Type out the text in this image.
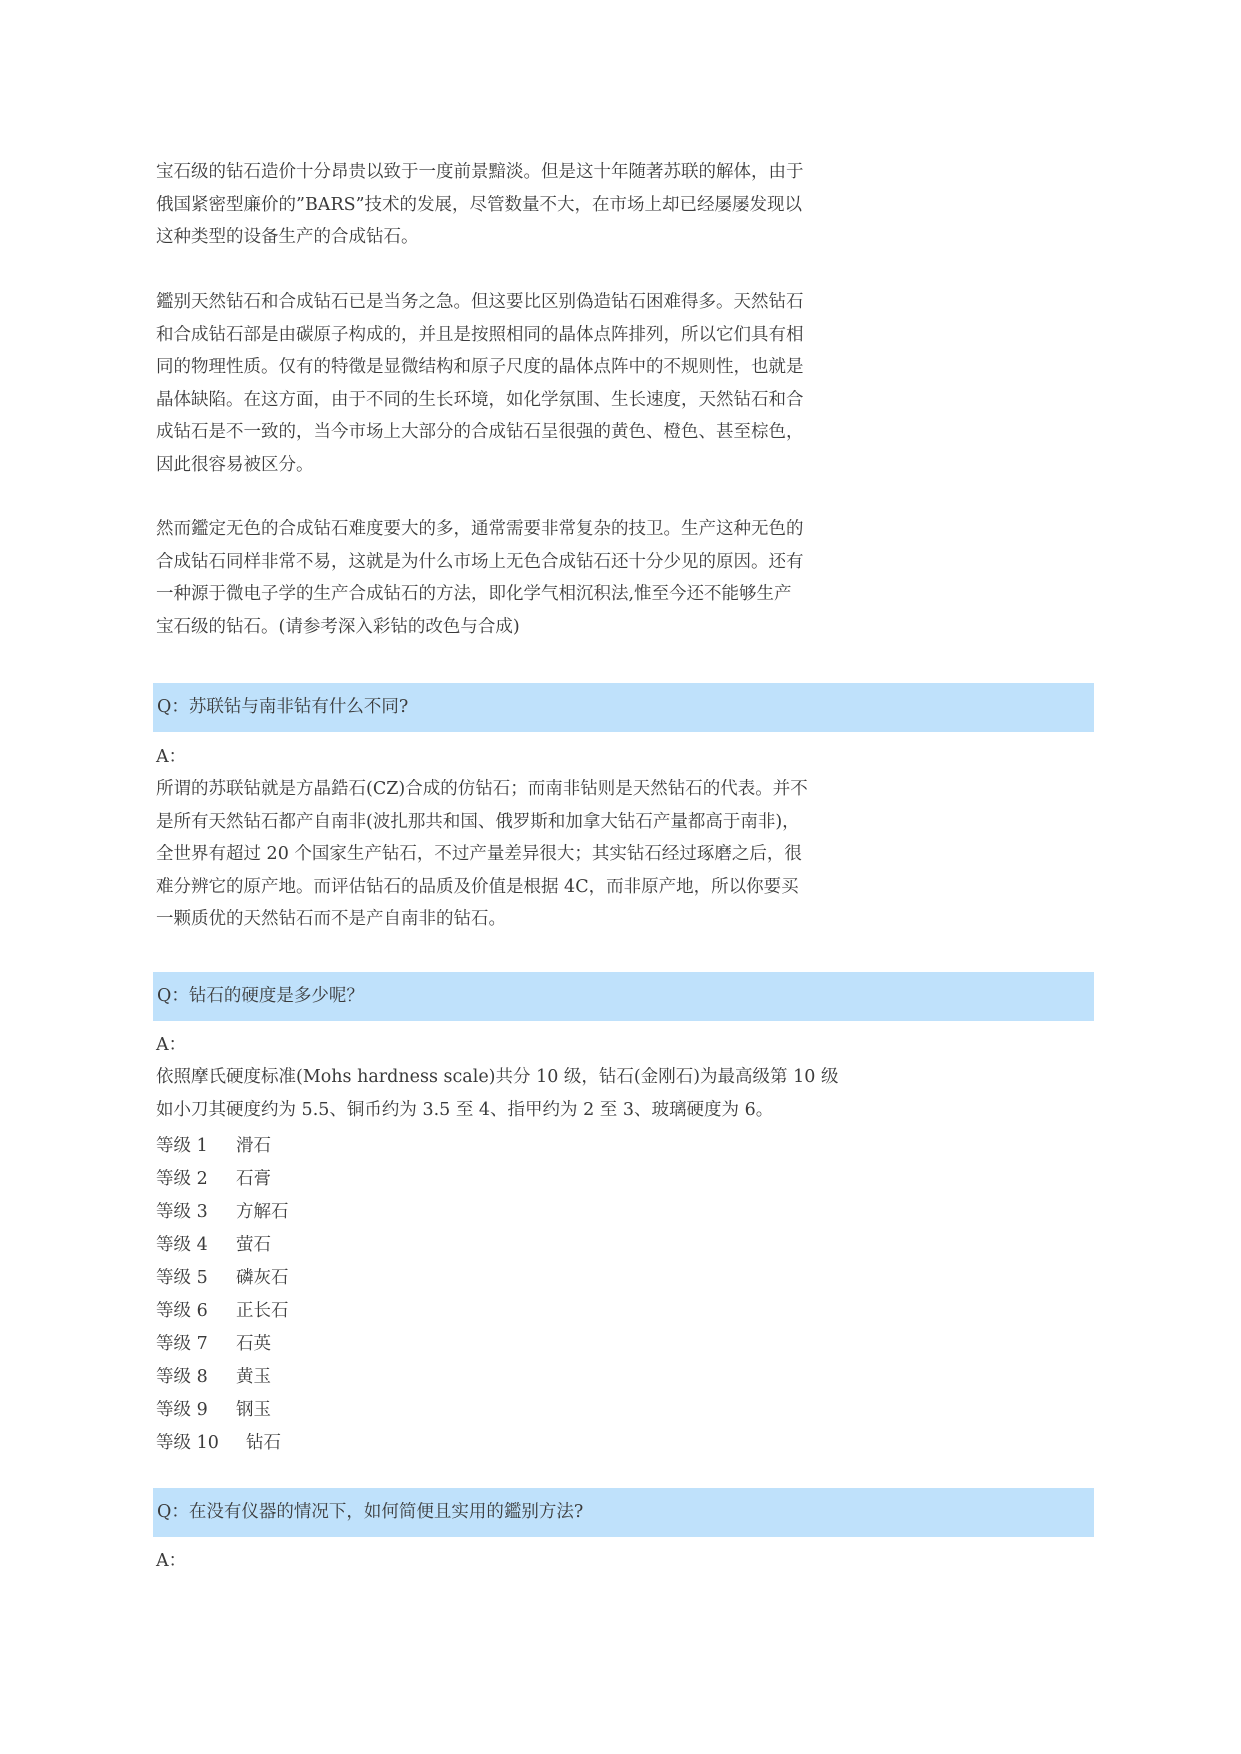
宝石级的钻石造价十分昂贵以致于一度前景黯淡。但是这十年随著苏联的解体，由于
俄国紧密型廉价的”BARS”技术的发展，尽管数量不大，在市场上却已经屡屡发现以
这种类型的设备生产的合成钻石。
鑑别天然钻石和合成钻石已是当务之急。但这要比区别偽造钻石困难得多。天然钻石
和合成钻石部是由碳原子构成的，并且是按照相同的晶体点阵排列，所以它们具有相
同的物理性质。仅有的特徵是显微结构和原子尺度的晶体点阵中的不规则性，也就是
晶体缺陷。在这方面，由于不同的生长环境，如化学氛围、生长速度，天然钻石和合
成钻石是不一致的，当今市场上大部分的合成钻石呈很强的黄色、橙色、甚至棕色，
因此很容易被区分。
然而鑑定无色的合成钻石难度要大的多，通常需要非常复杂的技卫。生产这种无色的
合成钻石同样非常不易，这就是为什么市场上无色合成钻石还十分少见的原因。还有
一种源于微电子学的生产合成钻石的方法，即化学气相沉积法,惟至今还不能够生产
宝石级的钻石。(请参考深入彩钻的改色与合成)
Q：苏联钻与南非钻有什么不同?
A：
所谓的苏联钻就是方晶鋯石(CZ)合成的仿钻石；而南非钻则是天然钻石的代表。并不
是所有天然钻石都产自南非(波扎那共和国、俄罗斯和加拿大钻石产量都高于南非)，
全世界有超过 20 个国家生产钻石，不过产量差异很大；其实钻石经过琢磨之后，很
难分辨它的原产地。而评估钻石的品质及价值是根据 4C，而非原产地，所以你要买
一颗质优的天然钻石而不是产自南非的钻石。
Q：钻石的硬度是多少呢？
A：
依照摩氏硬度标准(Mohs hardness scale)共分 10 级，钻石(金刚石)为最高级第 10 级
如小刀其硬度约为 5.5、铜币约为 3.5 至 4、指甲约为 2 至 3、玻璃硬度为 6。
等级 1 滑石
等级 2 石膏
等级 3 方解石
等级 4 萤石
等级 5 磷灰石
等级 6 正长石
等级 7 石英
等级 8 黄玉
等级 9 钢玉
等级 10 钻石
Q：在没有仪器的情况下，如何简便且实用的鑑别方法?
A：
